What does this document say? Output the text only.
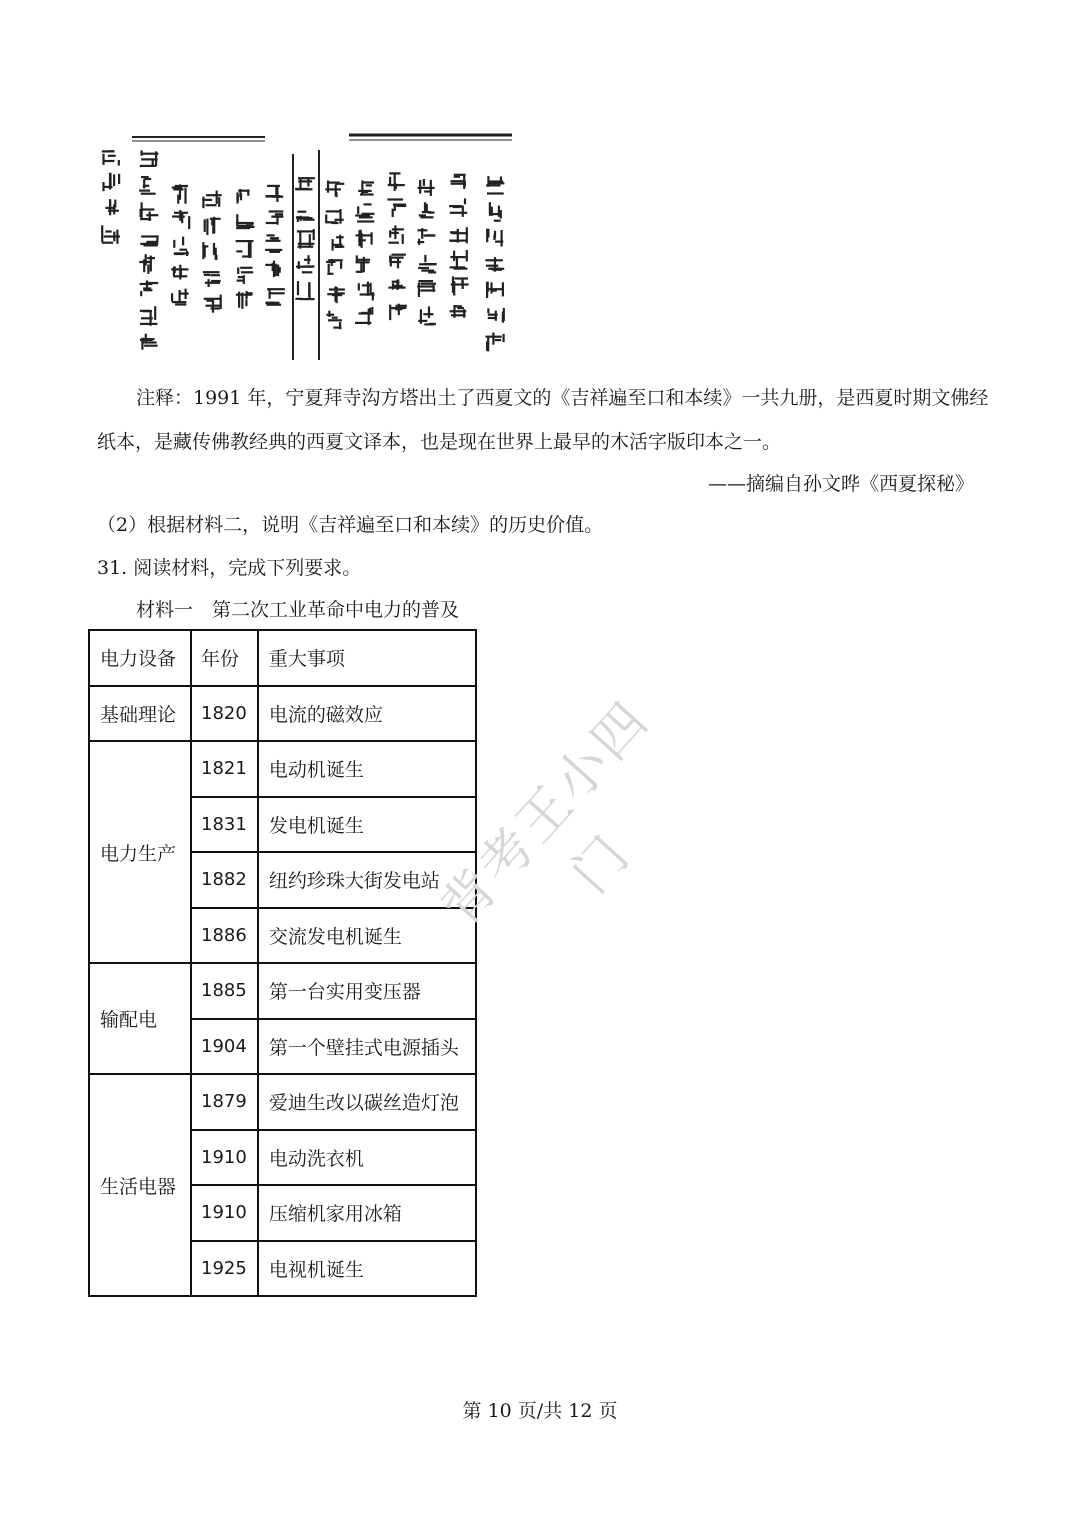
注释：1991 年，宁夏拜寺沟方塔出土了西夏文的《吉祥遍至口和本续》一共九册，是西夏时期文佛经
纸本，是藏传佛教经典的西夏文译本，也是现在世界上最早的木活字版印本之一。
——摘编自孙文晔《西夏探秘》
（2）根据材料二，说明《吉祥遍至口和本续》的历史价值。
31. 阅读材料，完成下列要求。
材料一　第二次工业革命中电力的普及
电力设备	年份	重大事项
基础理论	1820	电流的磁效应
电力生产	1821	电动机诞生
	1831	发电机诞生
	1882	纽约珍珠大街发电站
	1886	交流发电机诞生
输配电	1885	第一台实用变压器
	1904	第一个壁挂式电源插头
生活电器	1879	爱迪生改以碳丝造灯泡
	1910	电动洗衣机
	1910	压缩机家用冰箱
	1925	电视机诞生
背考王小四门
第 10 页/共 12 页
